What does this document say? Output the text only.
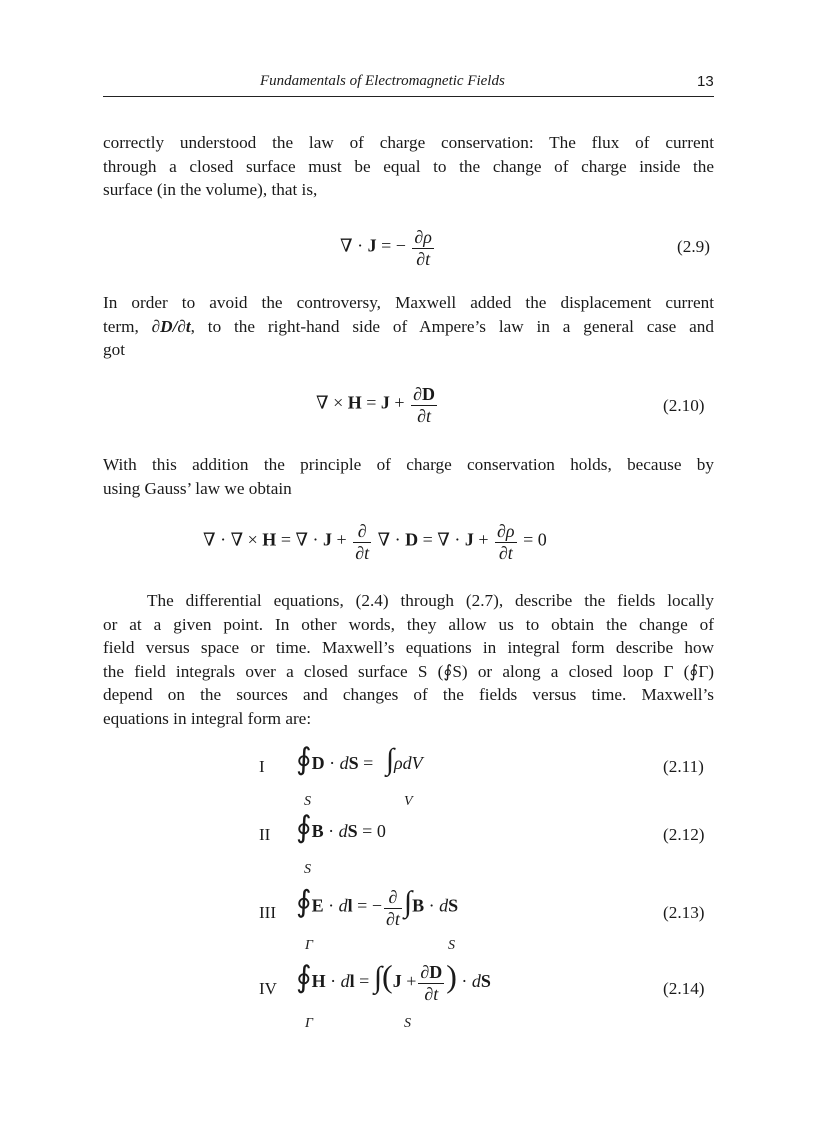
Fundamentals of Electromagnetic Fields	13
correctly understood the law of charge conservation: The flux of current
through a closed surface must be equal to the change of charge inside the
surface (in the volume), that is,
∇ · J = − $\frac{\partial\rho}{\partial t}$	(2.9)
In order to avoid the controversy, Maxwell added the displacement current
term, ∂D/∂t, to the right-hand side of Ampere’s law in a general case and
got
∇ × $H = J + \frac{\partial D}{\partial t}$	(2.10)
With this addition the principle of charge conservation holds, because by
using Gauss’ law we obtain
∇ · ∇ × H = ∇ · $J + \frac{\partial}{\partial t}$ ∇ · D = ∇ · $J + \frac{\partial\rho}{\partial t} = 0$
The differential equations, (2.4) through (2.7), describe the fields locally
or at a given point. In other words, they allow us to obtain the change of
field versus space or time. Maxwell’s equations in integral form describe how
the field integrals over a closed surface S (∮S) or along a closed loop Γ (∮Γ)
depend on the sources and changes of the fields versus time. Maxwell’s
equations in integral form are:
I ∮D · dS = ∫ρdV
S	V
(2.11)
II ∮B · dS = 0
S
(2.12)
III ∮E · dl = − $\frac{\partial}{\partial t} \int B$ · dS
Γ	S
(2.13)
IV ∮H · dl = $\int(J + \frac{\partial D}{\partial t}$ ) · dS
Γ	S
(2.14)
